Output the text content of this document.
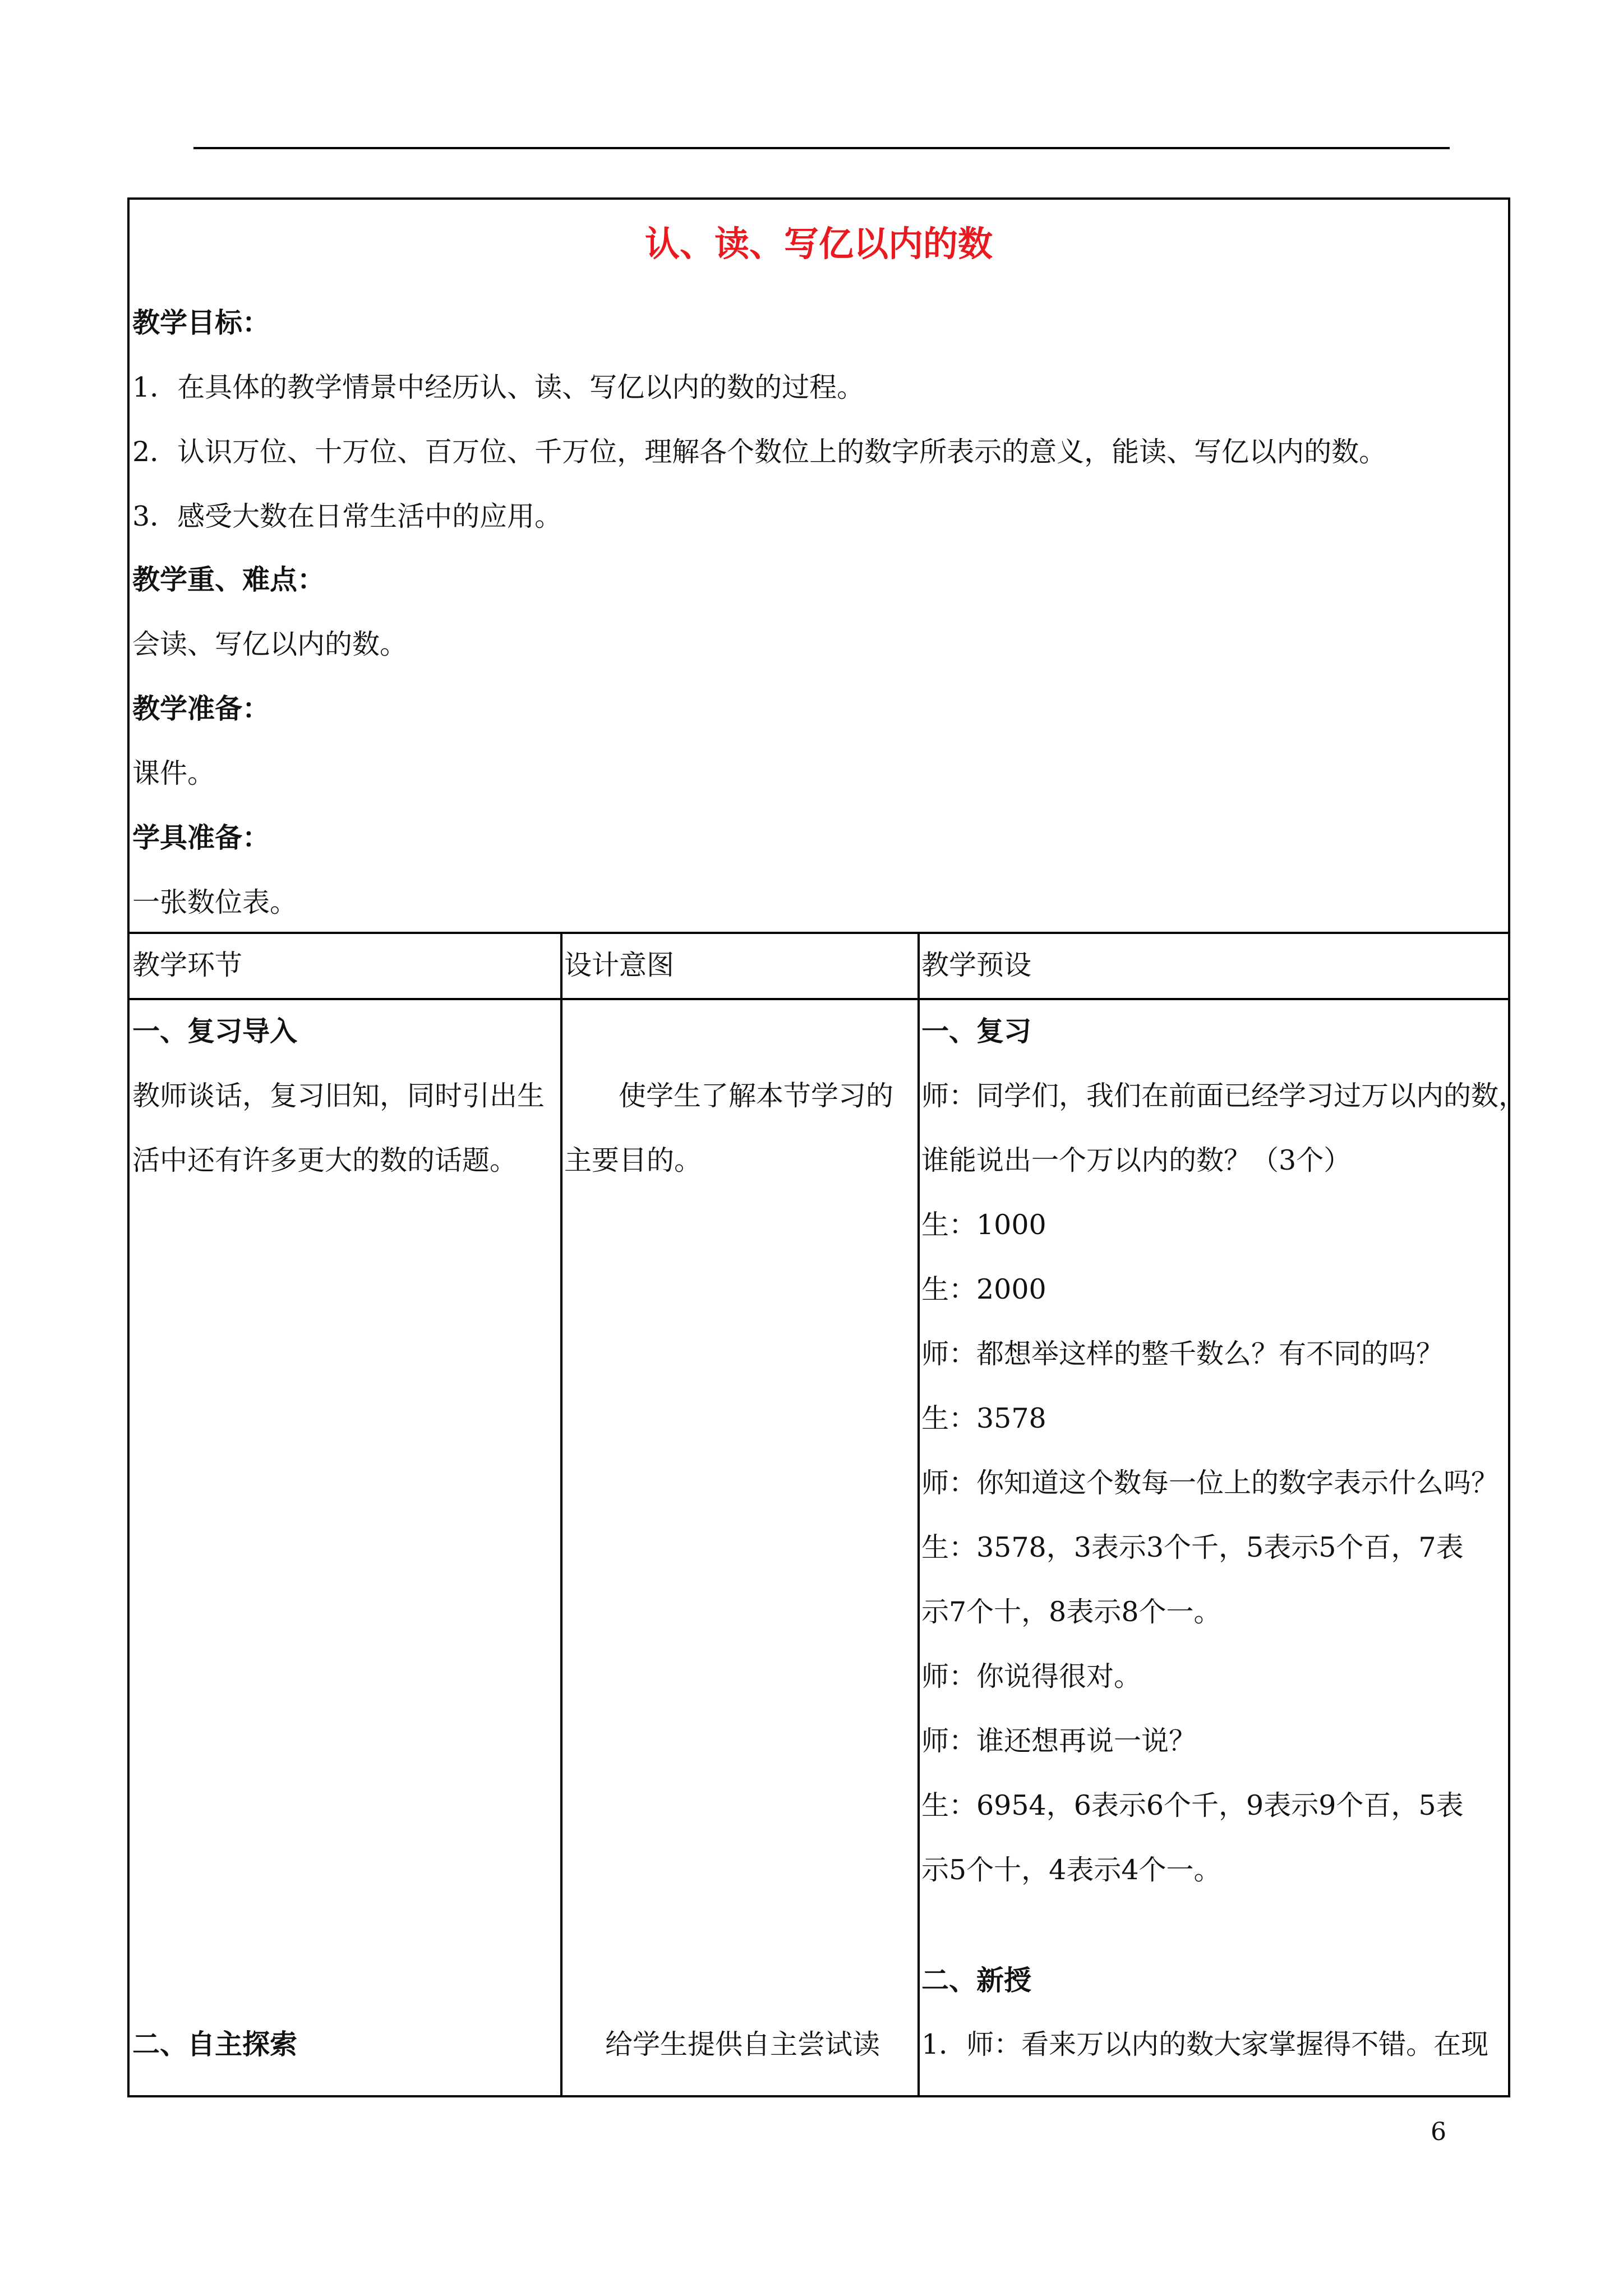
认、读、写亿以内的数
教学目标：
1．在具体的教学情景中经历认、读、写亿以内的数的过程。
2．认识万位、十万位、百万位、千万位，理解各个数位上的数字所表示的意义，能读、写亿以内的数。
3．感受大数在日常生活中的应用。
教学重、难点：
会读、写亿以内的数。
教学准备：
课件。
学具准备：
一张数位表。
教学环节	设计意图	教学预设
一、复习导入
教师谈话，复习旧知，同时引出生
活中还有许多更大的数的话题。
二、自主探索
使学生了解本节学习的
主要目的。
给学生提供自主尝试读
一、复习
师：同学们，我们在前面已经学习过万以内的数，
谁能说出一个万以内的数？（3个）
生：1000
生：2000
师：都想举这样的整千数么？有不同的吗？
生：3578
师：你知道这个数每一位上的数字表示什么吗？
生：3578，3表示3个千，5表示5个百，7表
示7个十，8表示8个一。
师：你说得很对。
师：谁还想再说一说？
生：6954，6表示6个千，9表示9个百，5表
示5个十，4表示4个一。
二、新授
1．师：看来万以内的数大家掌握得不错。在现
6
